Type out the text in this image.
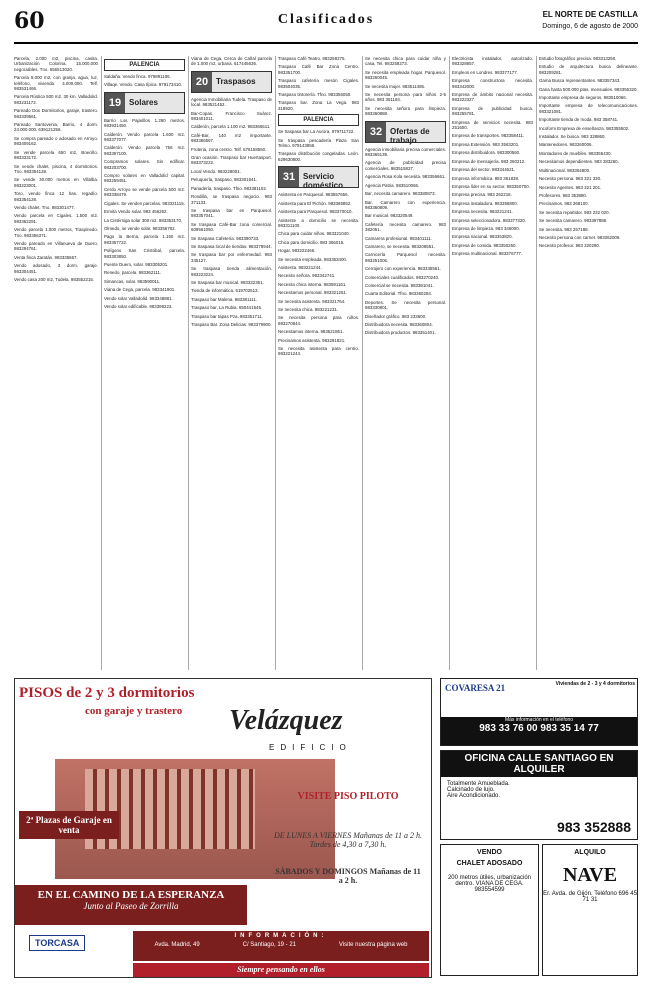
60	Clasificados	EL NORTE DE CASTILLA
Domingo, 6 de agosto de 2000

Parcela, 2.000 m2, piscina, casita. Urbanización Colorina. 15.000.000 negociables. Tno. 656513020.

Parcela 8.000 m2, con granja, agua, luz, teléfono, vivienda. 4.000.000. Telf. 983531466.

Parcela Rústica 500 m2. 30 km. Valladolid. 983231172.

Pareado Dos Dormitorios, garaje, trastero. 983339561.

Pareado Santovenia, Barrio, 4 dorm. 24.000.000. 639121256.

Se compra pareado o adosado en Arroyo. 983409162.

Se vende parcela 650 m2, Boecillo. 983333172.

Se vende chalet, piscina, 4 dormitorios. Tno. 983354128.

Se vende 30.000 metros en Villalba. 983223001.

Toro, vendo finca 12 has. regadío. 983354128.

Vendo chalet. Tno. 983301477.

Vendo parcela en Cigales, 1.500 m2. 983362291.

Vendo parcela 1.000 metros, Traspinedo. Tno. 983356371.

Vendo pareado en Villanueva de Duero. 983294761.

Venta finca Zaratán. 983335567.

Vendo adosado, 3 dorm, garaje. 983304451.

Vendo casa 200 m2, Tudela. 983552215.

PALENCIA

Saldaña. Vendo finca. 979891106.

Villaqe. Vendo. Casa típica. 979173410.

19 Solares

Barrio Los Pajarillos 1.290 metros. 983931450.

Calderón. Vendo parcela 1.600 m2. 983377077.

Calderón. Vendo parcela 756 m2. 983397100.

Compramos solares. Sin edificar. 983203700.

Compro solares en Valladolid capital. 983259451.

Cerdo Arroyo se vende parcela 500 m2. 983338479.

Cigales. Se venden parcelas. 983321115.

Ermita Vendo solar. 983 456262.

La Cistérniga solar 300 m2. 983353170.

Olmedo, se vende solar. 983356782.

Pago la Berna, parcela 1.150 m2. 983357722.

Polígono San Cristóbal, parcela. 983303850.

Puente Duero, solar. 983305201.

Renedo, parcela. 983362111.

Simancas, solar. 983590011.

Viana de Cega, parcela. 983341901.

Vendo solar Valladolid. 983348881.

Vendo solar edificable. 983399223.

Viana de Cega, Cerca de Cañal parcela de 1.000 m2, urbana. 617445636.

20 Traspasos

Agencia Inmobiliaria Tudela. Traspaso de local. 983521452.

Bar-Copas. Francisco Suárez. 983401011.

Calderón, parcela 1.100 m2. 983366511.

Café-Bar, 140 m2 importante. 983366567.

Fruteria, zona centro. Telf. 676158550.

Gran ocasión. Traspaso bar Huertasport. 983373222.

Local Vendo. 983228001.

Peluquería, traspaso. 983301641.

Panadería, traspaso. Tfno. 983381102.

Rondilla, se traspasa negocio. 983 371133.

Se traspasa bar en Parquesol. 983357041.

Se traspasa Café-Bar zona comercial. 609561050.

Se traspasa Cafetería. 983390733.

Se traspasa local de tiendas. 983378944.

Se traspasa bar por enfermedad. 983 345127.

Se traspasa tienda alimentación. 983223224.

Se traspasa bar musical. 983332351.

Tienda de informática. 619702513.

Traspaso bar Malena. 983381111.

Traspaso bar, La Rubia. 650441545.

Traspaso bar tapas Pza. 983351711.

Traspaso Bar. Zona Delicias. 983379900.

Traspaso Café Teatro. 983258275.

Traspaso Café Bar Zona Centro. 983351700.

Traspaso cafetería mesón Cigales. 983504035.

Traspaso tintorería. Tfno. 983356050.

Traspaso bar. Zona La Vega. 983 318920.

PALENCIA

Se traspasa bar La Aurora. 979711722.

Se traspasa pescadería Plaza San Telmo. 979143858.

Traspaso distribución congeladas. León. 629630800.

31 Servicio doméstico

Asistenta en Parquesol. 983557656.

Asistenta para El Pichón. 983365852.

Asistenta para Parquesol. 983370010.

Asistente a domicilio se necesita. 983311100.

Chica para cuidar niños. 983321040.

Chica para domicilio. 983 366015.

Hogar. 983222466.

Se necesita empleada. 983353400.

Asistenta. 983221244.

Necesito señora. 983342741.

Necesito chica interna. 983591161.

Necesitamos personal. 983321251.

Se necesita asistenta. 983321764.

Se necesita chica. 983221231.

Se necesita persona para niños. 983270844.

Necesitamos interna. 983521851.

Precisamos asistenta. 983291821.

Se necesita asistenta para centro. 983221244.

Se necesita chica para cuidar niña y casa. Tel. 983258273.

Se necesita empleada hogar. Parquesol. 983260045.

Se necesita mujer. 983511485.

Se necesita persona para niños 2-5 años. 983 351184.

Se necesita señora para limpieza. 983360888.

32 Ofertas de trabajo

Agencia inmobiliaria precisa comerciales. 983365139.

Agencia de publicidad precisa comerciales. 983515827.

Agencia Rosa Kola necesita. 983356661.

Agencia Patria. 983510066.

Bar, necesita camarero. 983380873.

Bar. Camarero con experiencia. 983360809.

Bar musical. 983320549.

Cafetería necesita camarero. 983 382051.

Camarera profesional. 983401111.

Camarero, se necesita. 983208551.

Carnicería Parquesol necesita. 983251006.

Cerrajero con experiencia. 983335561.

Comerciales cualificados. 983270240.

Comercial se necesita. 983391041.

Cuarta Editorial. Tfno. 983360284.

Deportes. Se necesita personal. 983330801.

Diseñador gráfico. 983 233600.

Distribuidora necesita. 983360804.

Distribuidora productos. 983351401.

Electricista instalador, autorizado. 983328857.

Empleos en Londres. 983377177.

Empresa constructora necesita. 983342000.

Empresa de ámbito nacional necesita. 983222327.

Empresa de publicidad busca. 983255781.

Empresa de servicios necesita. 983 251600.

Empresa de transportes. 983358411.

Empresa Extensión. 983 3563201.

Empresa distribuidora. 983300560.

Empresa de mensajería. 983 260212.

Empresa del sector. 983344621.

Empresa informática. 983 361838.

Empresa líder en su sector. 983350700.

Empresa precisa. 983 262218.

Empresa instaladora. 983356800.

Empresa necesita. 983221241.

Empresa seleccionadora. 983377320.

Empresa de limpieza. 983 346000.

Empresa nacional. 983353820.

Empresa de comida. 983350250.

Empresa multinacional. 983376777.

Estudio fotográfico precisa. 983313250.

Estudio de arquitectura busca delineante. 983209281.

Gama Busca representantes. 983357343.

Gana hasta 500.000 ptas. mensuales. 983355320.

Importante empresa de seguros. 983510066.

Importante empresa de telecomunicaciones. 983321081.

Importante tienda de moda. 983 358741.

Incoform Empresa de enseñanza. 983355502.

Instalador. Se busca. 983 328860.

Mantenedores. 983260006.

Montadores de muebles. 983355430.

Necesitamos dependientes. 983 283260.

Multinacional. 983364800.

Necesito persona. 983 321 330.

Necesito Agentes. 983 321 201.

Profesores. 983 353880.

Precisamos. 983 368100.

Se necesita repartidor. 983 232 020.

Se necesita camarero. 983397888.

Se necesita. 983 257188.

Necesito persona con carnet. 983362009.

Necesito profesor. 983 320290.

PISOS de 2 y 3 dormitorios
con garaje y trastero Velázquez
EDIFICIO
2ª Plazas de Garaje en venta
VISITE PISO PILOTO
DE LUNES A VIERNES Mañanas de 11 a 2 h. Tardes de 4,30 a 7,30 h.
SÁBADOS Y DOMINGOS Mañanas de 11 a 2 h.
EN EL CAMINO DE LA ESPERANZA
Junto al Paseo de Zorrilla
TORCASA
INFORMACIÓN:
Avda. Madrid, 49	C/ Santiago, 19 - 21	Visite nuestra página web
Siempre pensando en ellos
COVARESA 21	Viviendas de 2 - 3 y 4 dormitorios
Más información en el teléfono
983 33 76 00 983 35 14 77
OFICINA CALLE SANTIAGO EN ALQUILER
Totalmente Amueblada.
Calcinado de lujo.
Aire Acondicionado.
983 352888
VENDO
CHALET ADOSADO
200 metros útiles, urbanización dentro. VIANA DE CEGA. 983554599
ALQUILO
NAVE
Er. Avda. de Gijón. Teléfono 696 45 71 31
